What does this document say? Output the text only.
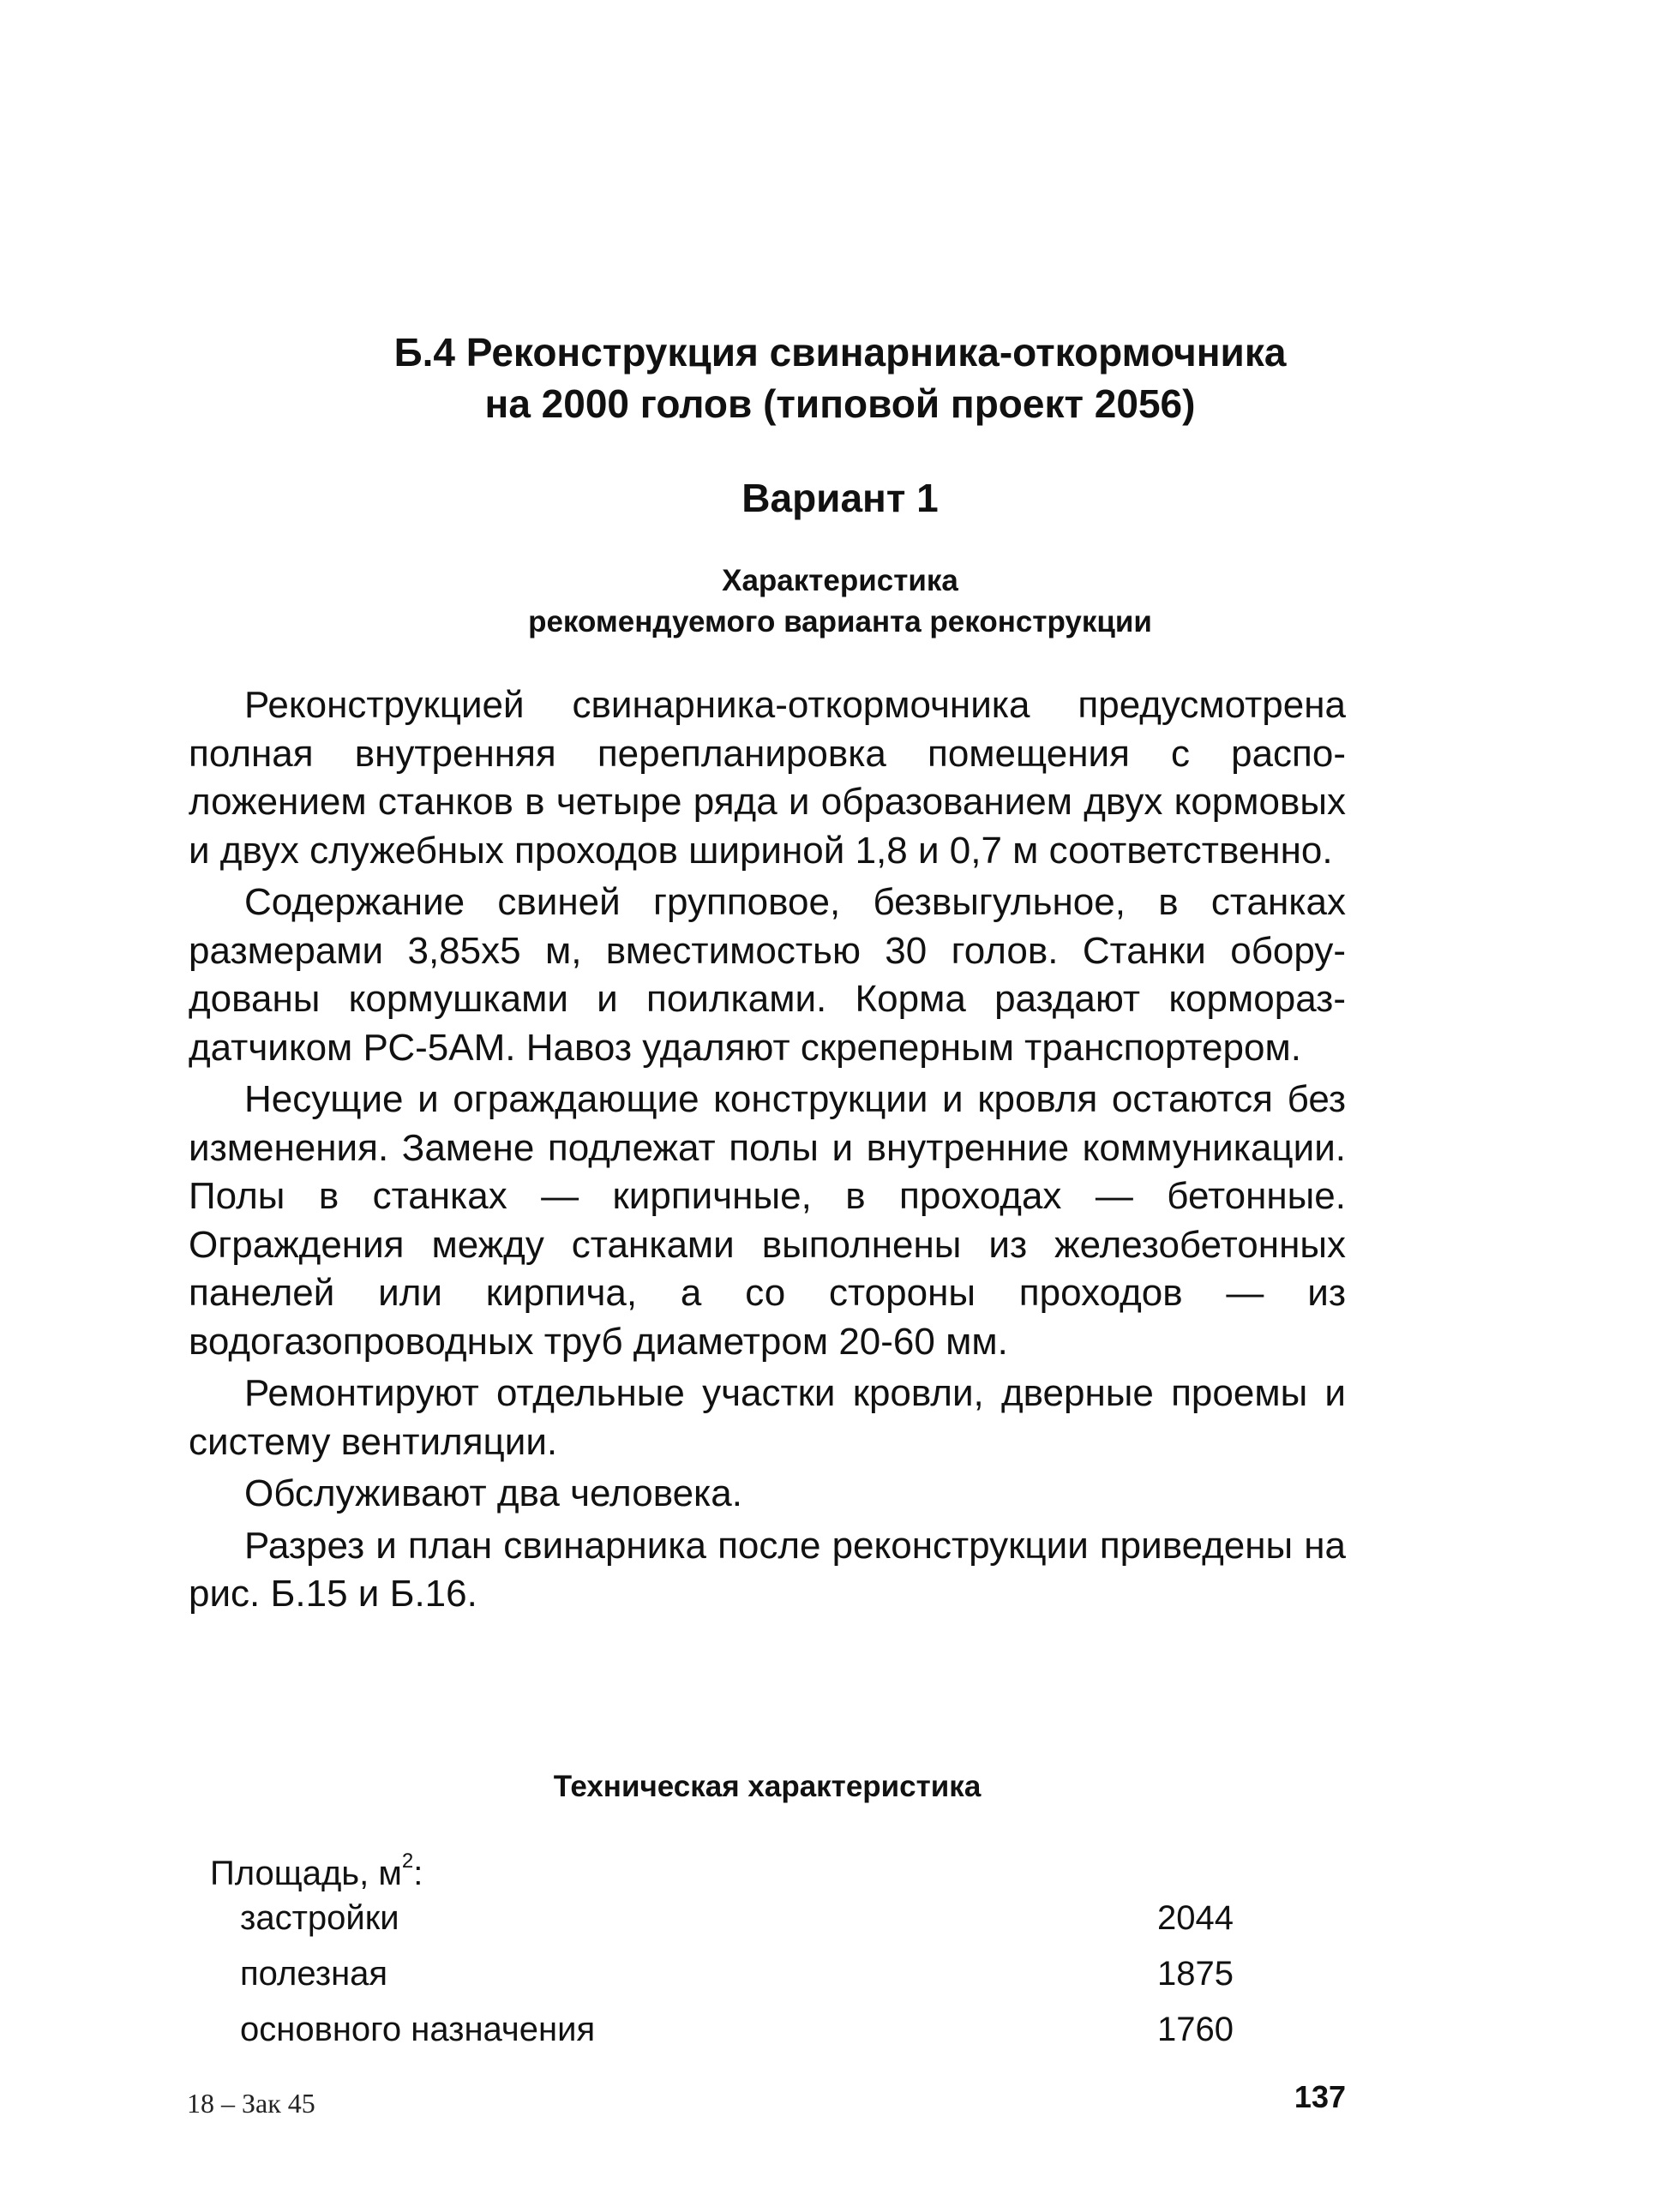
Б.4 Реконструкция свинарника-откормочника
на 2000 голов (типовой проект 2056)
Вариант 1
Характеристика
рекомендуемого варианта реконструкции

Реконструкцией свинарника-откормочника предусмотрена полная внутренняя перепланировка помещения с расположением станков в четыре ряда и образованием двух кормовых и двух служебных проходов шириной 1,8 и 0,7 м соответственно.

Содержание свиней групповое, безвыгульное, в станках размерами 3,85х5 м, вместимостью 30 голов. Станки оборудованы кормушками и поилками. Корма раздают кормораздатчиком РС-5АМ. Навоз удаляют скреперным транспортером.

Несущие и ограждающие конструкции и кровля остаются без изменения. Замене подлежат полы и внутренние коммуникации. Полы в станках — кирпичные, в проходах — бетонные. Ограждения между станками выполнены из железобетонных панелей или кирпича, а со стороны проходов — из водогазопроводных труб диаметром 20-60 мм.

Ремонтируют отдельные участки кровли, дверные проемы и систему вентиляции.

Обслуживают два человека.

Разрез и план свинарника после реконструкции приведены на рис. Б.15 и Б.16.

Техническая характеристика
Площадь, $м^2$:
застройки	2044
полезная	1875
основного назначения	1760
18 – Зак 45	137
